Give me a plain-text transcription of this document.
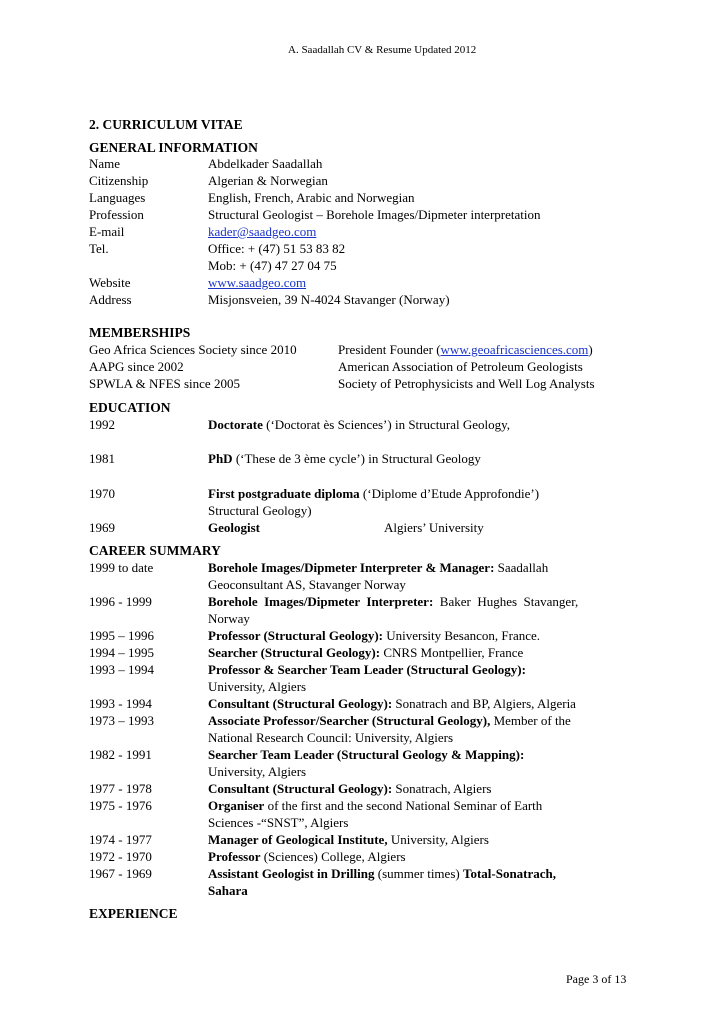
A. Saadallah CV & Resume Updated 2012
2. CURRICULUM VITAE
GENERAL INFORMATION
Name	Abdelkader Saadallah
Citizenship	Algerian & Norwegian
Languages	English, French, Arabic and Norwegian
Profession	Structural Geologist – Borehole Images/Dipmeter interpretation
E-mail	kader@saadgeo.com
Tel.	Office: + (47) 51 53 83 82
Mob: + (47) 47 27 04 75
Website	www.saadgeo.com
Address	Misjonsveien, 39 N-4024 Stavanger (Norway)
MEMBERSHIPS
Geo Africa Sciences Society since 2010	President Founder (www.geoafricasciences.com)
AAPG since 2002	American Association of Petroleum Geologists
SPWLA & NFES since 2005	Society of Petrophysicists and Well Log Analysts
EDUCATION
1992	Doctorate (‘Doctorat ès Sciences’) in Structural Geology,
1981	PhD (‘These de 3 ème cycle’) in Structural Geology
1970	First postgraduate diploma (‘Diplome d’Etude Approfondie’)
Structural Geology)
1969	Geologist	Algiers’ University
CAREER SUMMARY
1999 to date	Borehole Images/Dipmeter Interpreter & Manager: Saadallah
Geoconsultant AS, Stavanger Norway
1996 - 1999	Borehole  Images/Dipmeter  Interpreter:  Baker  Hughes  Stavanger,
Norway
1995 – 1996	Professor (Structural Geology): University Besancon, France.
1994 – 1995	Searcher (Structural Geology): CNRS Montpellier, France
1993 – 1994	Professor & Searcher Team Leader (Structural Geology):
University, Algiers
1993 - 1994	Consultant (Structural Geology): Sonatrach and BP, Algiers, Algeria
1973 – 1993	Associate Professor/Searcher (Structural Geology), Member of the
National Research Council: University, Algiers
1982 - 1991	Searcher Team Leader (Structural Geology & Mapping):
University, Algiers
1977 - 1978	Consultant (Structural Geology): Sonatrach, Algiers
1975 - 1976	Organiser of the first and the second National Seminar of Earth
Sciences -“SNST”, Algiers
1974 - 1977	Manager of Geological Institute, University, Algiers
1972 - 1970	Professor (Sciences) College, Algiers
1967 - 1969	Assistant Geologist in Drilling (summer times) Total-Sonatrach,
Sahara
EXPERIENCE
Page 3 of 13
